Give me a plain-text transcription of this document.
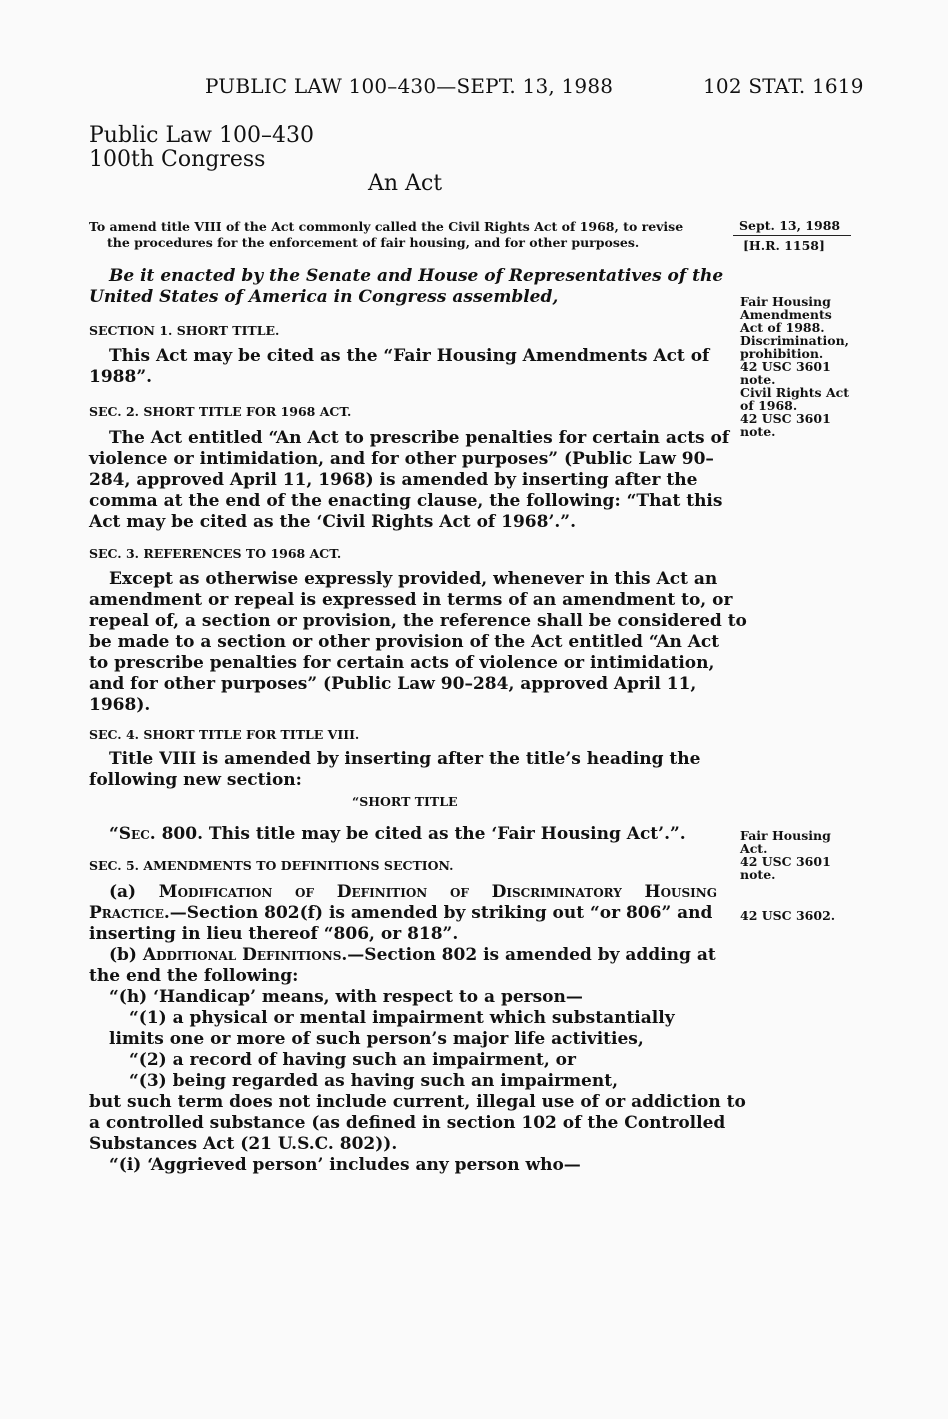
PUBLIC LAW 100–430—SEPT. 13, 1988	102 STAT. 1619
Public Law 100–430
100th Congress
An Act
To amend title VIII of the Act commonly called the Civil Rights Act of 1968, to revise
the procedures for the enforcement of fair housing, and for other purposes.
Sept. 13, 1988
[H.R. 1158]
Be it enacted by the Senate and House of Representatives of the
United States of America in Congress assembled,	Fair Housing
Amendments
Act of 1988.
Discrimination,
prohibition.
42 USC 3601
note.
Civil Rights Act
of 1968.
42 USC 3601
note.
SECTION 1. SHORT TITLE.
This Act may be cited as the “Fair Housing Amendments Act of
1988”.
SEC. 2. SHORT TITLE FOR 1968 ACT.
The Act entitled “An Act to prescribe penalties for certain acts of
violence or intimidation, and for other purposes” (Public Law 90–
284, approved April 11, 1968) is amended by inserting after the
comma at the end of the enacting clause, the following: “That this
Act may be cited as the ‘Civil Rights Act of 1968’.”.
SEC. 3. REFERENCES TO 1968 ACT.
Except as otherwise expressly provided, whenever in this Act an
amendment or repeal is expressed in terms of an amendment to, or
repeal of, a section or provision, the reference shall be considered to
be made to a section or other provision of the Act entitled “An Act
to prescribe penalties for certain acts of violence or intimidation,
and for other purposes” (Public Law 90–284, approved April 11,
1968).
SEC. 4. SHORT TITLE FOR TITLE VIII.
Title VIII is amended by inserting after the title’s heading the
following new section:
“SHORT TITLE
“Sec. 800. This title may be cited as the ‘Fair Housing Act’.”.	Fair Housing
Act.
42 USC 3601
note.
42 USC 3602.
SEC. 5. AMENDMENTS TO DEFINITIONS SECTION.
(a) Modification of Definition of Discriminatory Housing
Practice.—Section 802(f) is amended by striking out “or 806” and
inserting in lieu thereof “806, or 818”.
(b) Additional Definitions.—Section 802 is amended by adding at
the end the following:
“(h) ‘Handicap’ means, with respect to a person—
“(1) a physical or mental impairment which substantially
limits one or more of such person’s major life activities,
“(2) a record of having such an impairment, or
“(3) being regarded as having such an impairment,
but such term does not include current, illegal use of or addiction to
a controlled substance (as defined in section 102 of the Controlled
Substances Act (21 U.S.C. 802)).
“(i) ‘Aggrieved person’ includes any person who—
